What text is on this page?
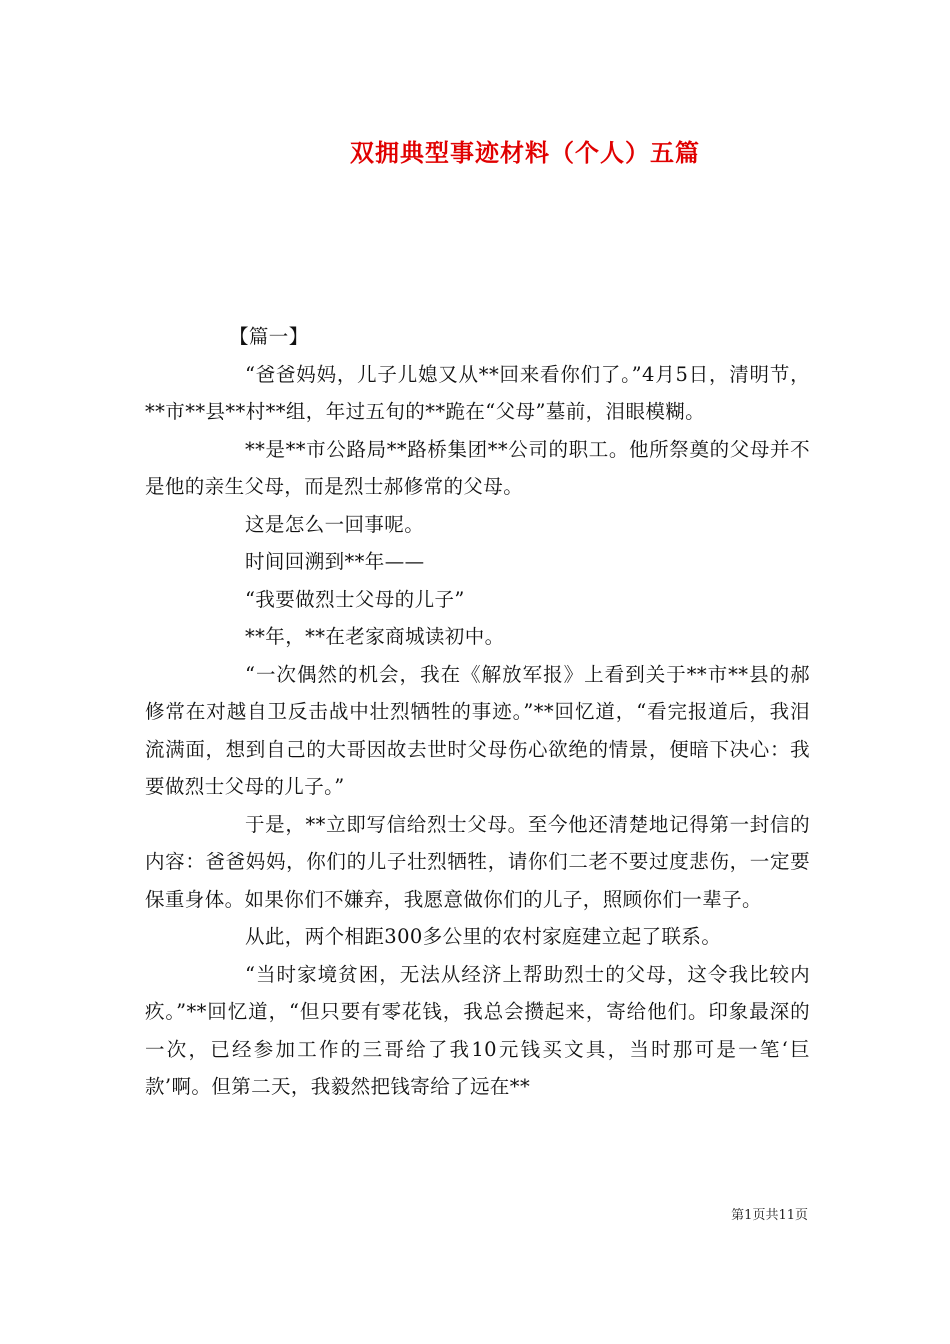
双拥典型事迹材料（个人）五篇

【篇一】

“爸爸妈妈，儿子儿媳又从**回来看你们了。”4月5日，清明节，**市**县**村**组，年过五旬的**跪在“父母”墓前，泪眼模糊。

**是**市公路局**路桥集团**公司的职工。他所祭奠的父母并不是他的亲生父母，而是烈士郝修常的父母。

这是怎么一回事呢。

时间回溯到**年——

“我要做烈士父母的儿子”

**年，**在老家商城读初中。

“一次偶然的机会，我在《解放军报》上看到关于**市**县的郝修常在对越自卫反击战中壮烈牺牲的事迹。”**回忆道，“看完报道后，我泪流满面，想到自己的大哥因故去世时父母伤心欲绝的情景，便暗下决心：我要做烈士父母的儿子。”

于是，**立即写信给烈士父母。至今他还清楚地记得第一封信的内容：爸爸妈妈，你们的儿子壮烈牺牲，请你们二老不要过度悲伤，一定要保重身体。如果你们不嫌弃，我愿意做你们的儿子，照顾你们一辈子。

从此，两个相距300多公里的农村家庭建立起了联系。

“当时家境贫困，无法从经济上帮助烈士的父母，这令我比较内疚。”**回忆道，“但只要有零花钱，我总会攒起来，寄给他们。印象最深的一次，已经参加工作的三哥给了我10元钱买文具，当时那可是一笔‘巨款’啊。但第二天，我毅然把钱寄给了远在**

第1页共11页
